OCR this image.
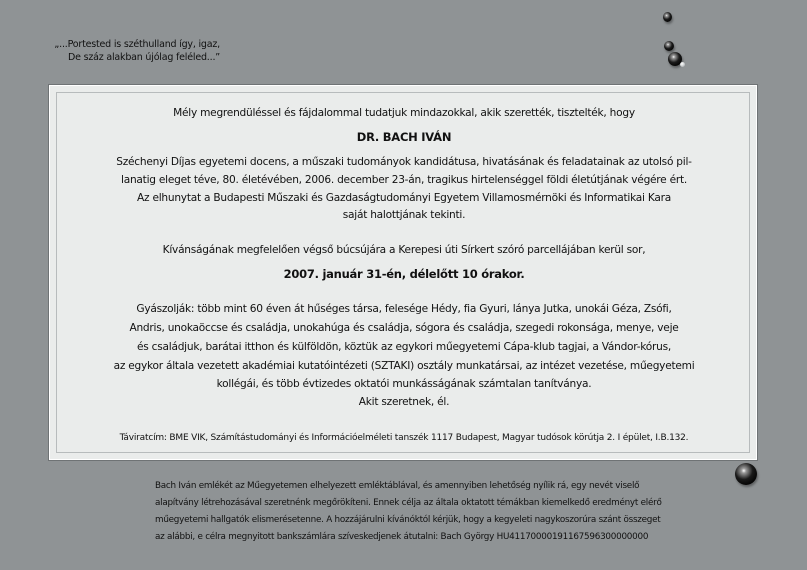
„...Portested is széthulland így, igaz,
De száz alakban újólag feléled...”
Mély megrendüléssel és fájdalommal tudatjuk mindazokkal, akik szerették, tisztelték, hogy
DR. BACH IVÁN
Széchenyi Díjas egyetemi docens, a műszaki tudományok kandidátusa, hivatásának és feladatainak az utolsó pil-
lanatig eleget téve, 80. életévében, 2006. december 23-án, tragikus hirtelenséggel földi életútjának végére ért.
Az elhunytat a Budapesti Műszaki és Gazdaságtudományi Egyetem Villamosmérnöki és Informatikai Kara
saját halottjának tekinti.
Kívánságának megfelelően végső búcsújára a Kerepesi úti Sírkert szóró parcellájában kerül sor,
2007. január 31-én, délelőtt 10 órakor.
Gyászolják: több mint 60 éven át hűséges társa, felesége Hédy, fia Gyuri, lánya Jutka, unokái Géza, Zsófi,
Andris, unokaöccse és családja, unokahúga és családja, sógora és családja, szegedi rokonsága, menye, veje
és családjuk, barátai itthon és külföldön, köztük az egykori műegyetemi Cápa-klub tagjai, a Vándor-kórus,
az egykor általa vezetett akadémiai kutatóintézeti (SZTAKI) osztály munkatársai, az intézet vezetése, műegyetemi
kollégái, és több évtizedes oktatói munkásságának számtalan tanítványa.
Akit szeretnek, él.
Táviratcím: BME VIK, Számítástudományi és Információelméleti tanszék 1117 Budapest, Magyar tudósok körútja 2. I épület, I.B.132.
Bach Iván emlékét az Műegyetemen elhelyezett emléktáblával, és amennyiben lehetőség nyílik rá, egy nevét viselő
alapítvány létrehozásával szeretnénk megőrökíteni. Ennek célja az általa oktatott témákban kiemelkedő eredményt elérő
műegyetemi hallgatók elismerésetenne. A hozzájárulni kívánóktól kérjük, hogy a kegyeleti nagykoszorúra szánt összeget
az alábbi, e célra megnyitott bankszámlára szíveskedjenek átutalni: Bach György HU41170000191167596300000000
